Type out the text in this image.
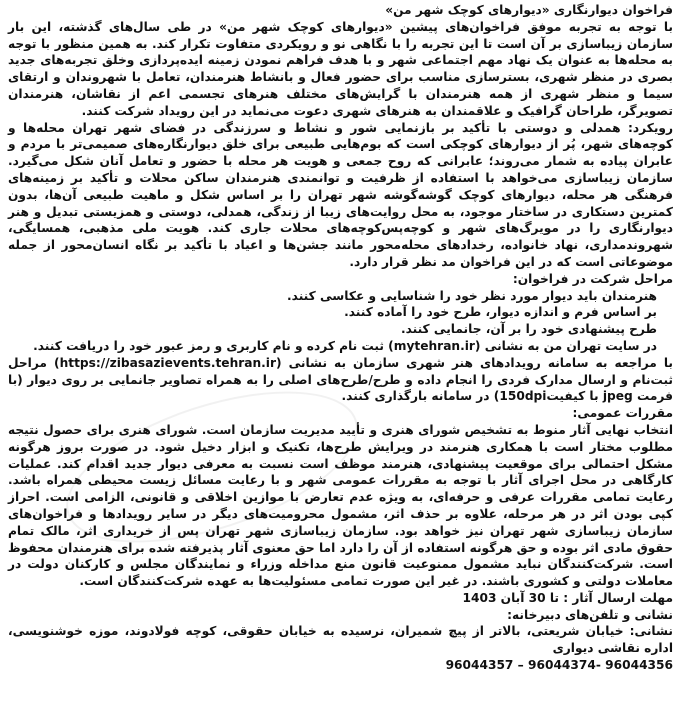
فراخوان دیوارنگاری «دیوارهای کوچک شهر من»

با توجه به تجربه موفق فراخوان‌های پیشین «دیوارهای کوچک شهر من» در طی سال‌های گذشته، این بار سازمان زیباسازی بر آن است تا این تجربه را با نگاهی نو و رویکردی متفاوت تکرار کند. به همین منظور با توجه به محله‌ها به عنوان یک نهاد مهم اجتماعی شهر و با هدف فراهم نمودن زمینه ایده‌پردازی وخلق تجربه‌های جدید بصری در منظر شهری، بسترسازی مناسب برای حضور فعال و بانشاط هنرمندان، تعامل با شهروندان و ارتقای سیما و منظر شهری از همه هنرمندان با گرایش‌های مختلف هنرهای تجسمی اعم از نقاشان، هنرمندان تصویرگر، طراحان گرافیک و علاقمندان به هنرهای شهری دعوت می‌نماید در این رویداد شرکت کنند.

رویکرد: همدلی و دوستی با تأکید بر بازنمایی شور و نشاط و سرزندگی در فضای شهر تهران محله‌ها و کوچه‌های شهر، پُر از دیوارهای کوچکی است که بوم‌هایی طبیعی برای خلق دیوارنگاره‌های صمیمی‌تر با مردم و عابران پیاده به شمار می‌روند؛ عابرانی که روح جمعی و هویت هر محله با حضور و تعامل آنان شکل می‌گیرد. سازمان زیباسازی می‌خواهد با استفاده از ظرفیت و توانمندی هنرمندان ساکن محلات و تأکید بر زمینه‌های فرهنگی هر محله، دیوارهای کوچک گوشه‌گوشه شهر تهران را بر اساس شکل و ماهیت طبیعی آن‌ها، بدون کمترین دستکاری در ساختار موجود، به محل روایت‌های زیبا از زندگی، همدلی، دوستی و همزیستی تبدیل و هنر دیوارنگاری را در مویرگ‌های شهر و کوچه‌پس‌کوچه‌های محلات جاری کند. هویت ملی مذهبی، همسایگی، شهروندمداری، نهاد خانواده، رخدادهای محله‌محور مانند جشن‌ها و اعیاد با تأکید بر نگاه انسان‌محور از جمله موضوعاتی است که در این فراخوان مد نظر قرار دارد.

مراحل شرکت در فراخوان:

هنرمندان باید دیوار مورد نظر خود را شناسایی و عکاسی کنند.

بر اساس فرم و اندازه دیوار، طرح خود را آماده کنند.

طرح پیشنهادی خود را بر آن، جانمایی کنند.

در سایت تهران من به نشانی (mytehran.ir) ثبت نام کرده و نام کاربری و رمز عبور خود را دریافت کنند.

با مراجعه به سامانه رویدادهای هنر شهری سازمان به نشانی (https://zibasazievents.tehran.ir) مراحل ثبت‌نام و ارسال مدارک فردی را انجام داده و طرح/طرح‌های اصلی را به همراه تصاویر جانمایی بر روی دیوار (با فرمت jpeg با کیفیت150dpi) در سامانه بارگذاری کنند.

مقررات عمومی:

انتخاب نهایی آثار منوط به تشخیص شورای هنری و تأیید مدیریت سازمان است. شورای هنری برای حصول نتیجه مطلوب مختار است با همکاری هنرمند در ویرایش طرح‌ها، تکنیک و ابزار دخیل شود. در صورت بروز هرگونه مشکل احتمالی برای موقعیت پیشنهادی، هنرمند موظف است نسبت به معرفی دیوار جدید اقدام کند. عملیات کارگاهی در محل اجرای آثار با توجه به مقررات عمومی شهر و با رعایت مسائل زیست محیطی همراه باشد. رعایت تمامی مقررات عرفی و حرفه‌ای، به ویژه عدم تعارض با موازین اخلاقی و قانونی، الزامی است. احراز کپی بودن اثر در هر مرحله، علاوه بر حذف اثر، مشمول محرومیت‌های دیگر در سایر رویدادها و فراخوان‌های سازمان زیباسازی شهر تهران نیز خواهد بود. سازمان زیباسازی شهر تهران پس از خریداری اثر، مالک تمام حقوق مادی اثر بوده و حق هرگونه استفاده از آن را دارد اما حق معنوی آثار پذیرفته شده برای هنرمندان محفوظ است. شرکت‌کنندگان نباید مشمول ممنوعیت قانون منع مداخله وزراء و نمایندگان مجلس و کارکنان دولت در معاملات دولتی و کشوری باشند. در غیر این صورت تمامی مسئولیت‌ها به عهده شرکت‌کنندگان است.

مهلت ارسال آثار : تا 30 آبان 1403

نشانی و تلفن‌های دبیرخانه:

نشانی: خیابان شریعتی، بالاتر از پیچ شمیران، نرسیده به خیابان حقوقی، کوچه فولادوند، موزه خوشنویسی، اداره نقاشی دیواری

96044356 -96044374 – 96044357
